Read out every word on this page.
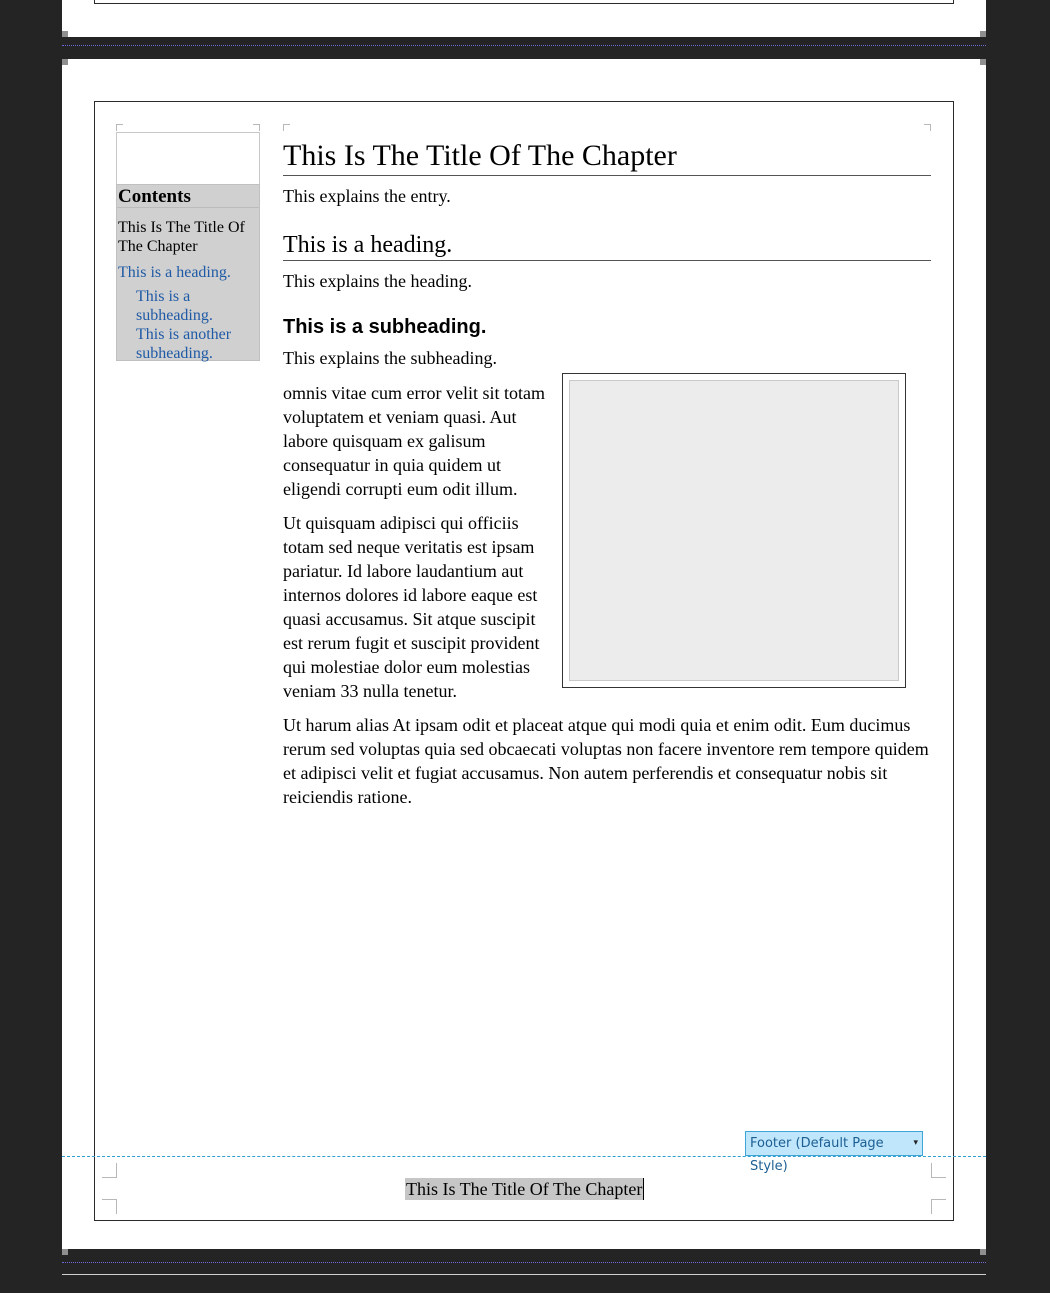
Contents
This Is The Title Of The Chapter
This is a heading.
This is a subheading.
This is another subheading.
This Is The Title Of The Chapter
This explains the entry.
This is a heading.
This explains the heading.
This is a subheading.
This explains the subheading.

omnis vitae cum error velit sit totam voluptatem et veniam quasi. Aut labore quisquam ex galisum consequatur in quia quidem ut eligendi corrupti eum odit illum.

Ut quisquam adipisci qui officiis totam sed neque veritatis est ipsam pariatur. Id labore laudantium aut internos dolores id labore eaque est quasi accusamus. Sit atque suscipit est rerum fugit et suscipit provident qui molestiae dolor eum molestias veniam 33 nulla tenetur.

Ut harum alias At ipsam odit et placeat atque qui modi quia et enim odit. Eum ducimus rerum sed voluptas quia sed obcaecati voluptas non facere inventore rem tempore quidem et adipisci velit et fugiat accusamus. Non autem perferendis et consequatur nobis sit reiciendis ratione.

Footer (Default Page Style)
▾
This Is The Title Of The Chapter
